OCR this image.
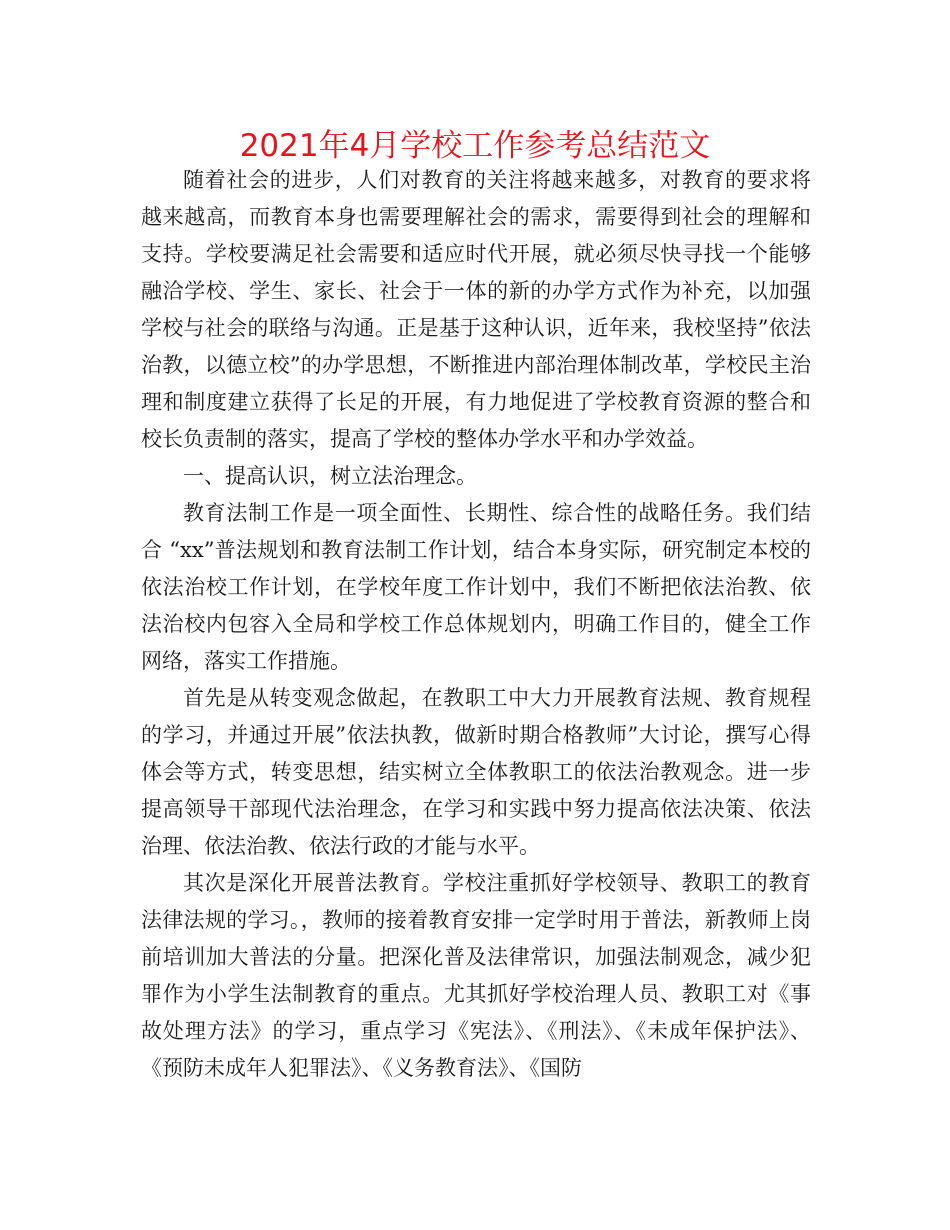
2021年4月学校工作参考总结范文

随着社会的进步，人们对教育的关注将越来越多，对教育的要求将越来越高，而教育本身也需要理解社会的需求，需要得到社会的理解和支持。学校要满足社会需要和适应时代开展，就必须尽快寻找一个能够融洽学校、学生、家长、社会于一体的新的办学方式作为补充，以加强学校与社会的联络与沟通。正是基于这种认识，近年来，我校坚持”依法治教，以德立校”的办学思想，不断推进内部治理体制改革，学校民主治理和制度建立获得了长足的开展，有力地促进了学校教育资源的整合和校长负责制的落实，提高了学校的整体办学水平和办学效益。

一、提高认识，树立法治理念。

教育法制工作是一项全面性、长期性、综合性的战略任务。我们结合 “xx”普法规划和教育法制工作计划，结合本身实际，研究制定本校的依法治校工作计划，在学校年度工作计划中，我们不断把依法治教、依法治校内包容入全局和学校工作总体规划内，明确工作目的，健全工作网络，落实工作措施。

首先是从转变观念做起，在教职工中大力开展教育法规、教育规程的学习，并通过开展”依法执教，做新时期合格教师”大讨论，撰写心得体会等方式，转变思想，结实树立全体教职工的依法治教观念。进一步提高领导干部现代法治理念，在学习和实践中努力提高依法决策、依法治理、依法治教、依法行政的才能与水平。

其次是深化开展普法教育。学校注重抓好学校领导、教职工的教育法律法规的学习。，教师的接着教育安排一定学时用于普法，新教师上岗前培训加大普法的分量。把深化普及法律常识，加强法制观念，减少犯罪作为小学生法制教育的重点。尤其抓好学校治理人员、教职工对《事故处理方法》的学习，重点学习《宪法》、《刑法》、《未成年保护法》、《预防未成年人犯罪法》、《义务教育法》、《国防
